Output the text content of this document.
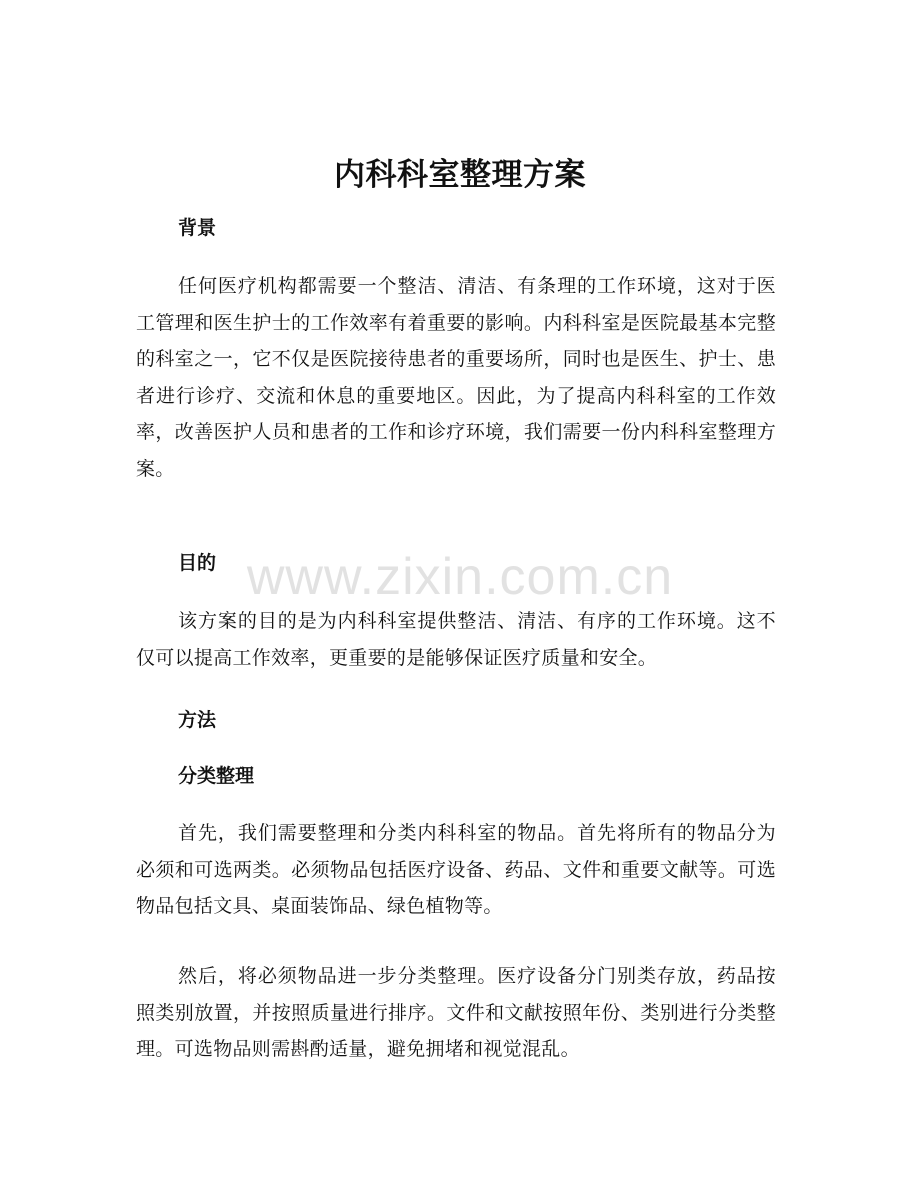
内科科室整理方案
背景
任何医疗机构都需要一个整洁、清洁、有条理的工作环境，这对于医工管理和医生护士的工作效率有着重要的影响。内科科室是医院最基本完整的科室之一，它不仅是医院接待患者的重要场所，同时也是医生、护士、患者进行诊疗、交流和休息的重要地区。因此，为了提高内科科室的工作效率，改善医护人员和患者的工作和诊疗环境，我们需要一份内科科室整理方案。
目的
该方案的目的是为内科科室提供整洁、清洁、有序的工作环境。这不仅可以提高工作效率，更重要的是能够保证医疗质量和安全。
方法
分类整理
首先，我们需要整理和分类内科科室的物品。首先将所有的物品分为必须和可选两类。必须物品包括医疗设备、药品、文件和重要文献等。可选物品包括文具、桌面装饰品、绿色植物等。
然后，将必须物品进一步分类整理。医疗设备分门别类存放，药品按照类别放置，并按照质量进行排序。文件和文献按照年份、类别进行分类整理。可选物品则需斟酌适量，避免拥堵和视觉混乱。
www.zixin.com.cn
